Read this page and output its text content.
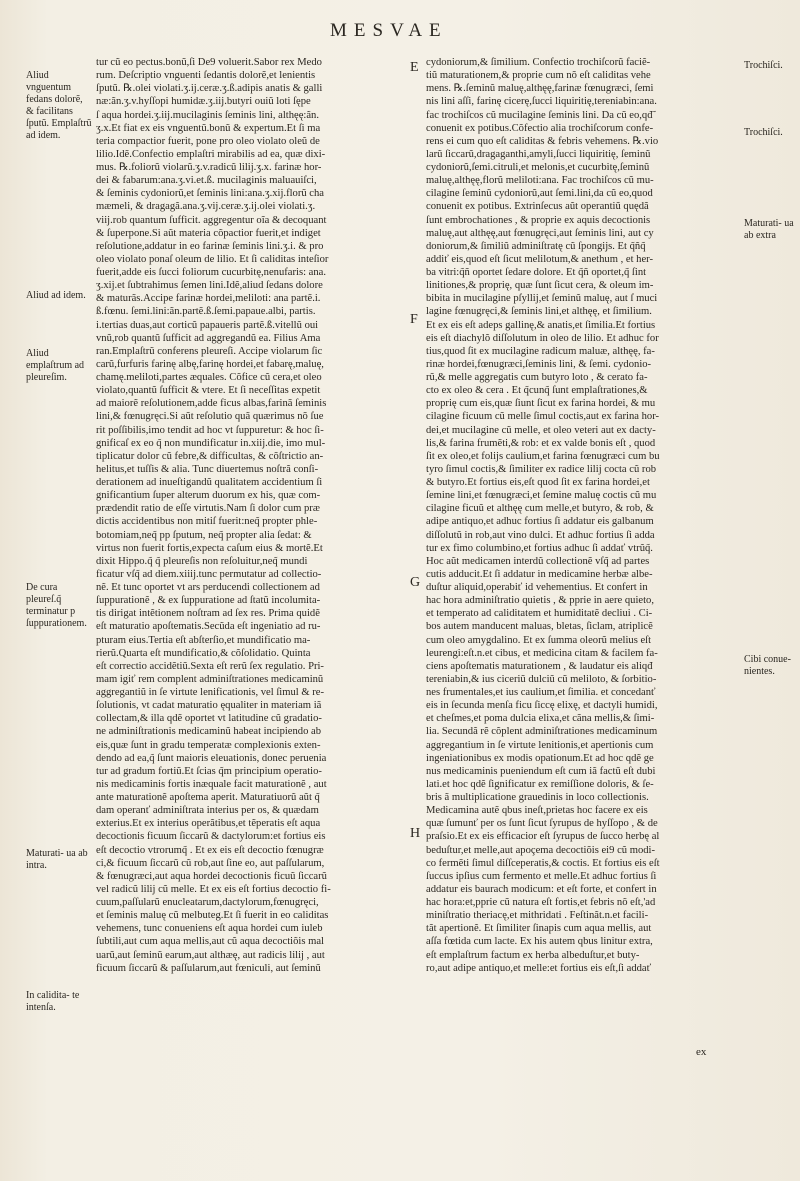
MESVAE

tur cũ eo pectus.bonũ,ſi De9 voluerit.Sabor rex Medo

rum. Deſcriptio vnguenti ſedantis dolorẽ,et lenientis

ſputũ. ℞.olei violati.ʒ.ij.ceræ.ʒ.ß.adipis anatis & galli

næ:ãn.ʒ.v.hyſſopi humidæ.ʒ.iij.butyri ouiũ loti ſępe

ſ aqua hordei.ʒ.iij.mucilaginis ſeminis lini, althęę:ãn.

ʒ.x.Et fiat ex eis vnguentũ.bonũ & expertum.Et ſi ma

teria compactior fuerit, pone pro oleo violato oleũ de

lilio.Idẽ.Confectio emplaſtri mirabilis ad ea, quæ dixi-

mus. ℞.foliorũ violarũ.ʒ.v.radicũ lilij.ʒ.x. farinæ hor-

dei & fabarum:ana.ʒ.vi.et.ß. mucilaginis maluauiſci,

& ſeminis cydoniorũ,et ſeminis lini:ana.ʒ.xij.florũ cha

mæmeli, & dragagã.ana.ʒ.vij.ceræ.ʒ.ij.olei violati.ʒ.

viij.rob quantum ſufficit. aggregentur oĩa & decoquant

& ſuperpone.Si aũt materia cõpactior fuerit,et indiget

reſolutione,addatur in eo farinæ ſeminis lini.ʒ.i. & pro

oleo violato ponaſ oleum de lilio. Et ſi caliditas inteſior

fuerit,adde eis ſucci foliorum cucurbitę,nenufaris: ana.

ʒ.xij.et ſubtrahimus ſemen lini.Idẽ,aliud ſedans dolore

& maturãs.Accipe farinæ hordei,meliloti: ana partẽ.i.

ß.fœnu. ſemi.lini:ãn.partẽ.ß.ſemi.papaue.albi, partis.

i.tertias duas,aut corticũ papaueris partẽ.ß.vitellũ oui

vnũ,rob quantũ ſufficit ad aggregandũ ea. Filius Ama

ran.Emplaſtrũ conferens pleureſi. Accipe violarum ſic

carũ,furfuris farinę albę,farinę hordei,et fabarę,maluę,

chamę.meliloti,partes æquales. Cõfice cũ cera,et oleo

violato,quantũ ſufficit & vtere. Et ſi neceſſitas expetit

ad maiorẽ reſolutionem,adde ficus albas,farinã ſeminis

lini,& fœnugręci.Si aũt reſolutio quã quærimus nõ ſue

rit poſſibilis,imo tendit ad hoc vt ſuppuretur: & hoc ſi-

gnificaſ ex eo q̃ non mundificatur in.xiij.die, imo mul-

tiplicatur dolor cũ febre,& difficultas, & cõſtrictio an-

helitus,et tuſſis & alia. Tunc diuertemus noſtrã conſi-

derationem ad inueſtigandũ qualitatem accidentium ſi

gnificantium ſuper alterum duorum ex his, quæ com-

prædendit ratio de eſſe virtutis.Nam ſi dolor cum præ

dictis accidentibus non mitiſ fuerit:neq̃ propter phle-

botomiam,neq̃ pp ſputum, neq̃ propter alia ſedat: &

virtus non fuerit fortis,expecta caſum eius & mortẽ.Et

dixit Hippo.q̃ q̃ pleureſis non reſoluitur,neq̃ mundi

ficatur vſq̃ ad diem.xiiij.tunc permutatur ad collectio-

nẽ. Et tunc oportet vt ars perducendi collectionem ad

ſuppurationẽ , & ex ſuppuratione ad ſtatũ incolumita-

tis dirigat intẽtionem noſtram ad ſex res. Prima quidẽ

eſt maturatio apoſtematis.Secũda eſt ingeniatio ad ru-

pturam eius.Tertia eſt abſterſio,et mundificatio ma-

rierũ.Quarta eſt mundificatio,& cõſolidatio. Quinta

eſt correctio accidẽtiũ.Sexta eſt rerũ ſex regulatio. Pri-

mam igiť rem complent adminiſtrationes medicaminũ

aggregantiũ in ſe virtute lenificationis, vel ſimul & re-

ſolutionis, vt cadat maturatio ęqualiter in materiam iã

collectam,& illa qdẽ oportet vt latitudine cũ gradatio-

ne adminiſtrationis medicaminũ habeat incipiendo ab

eis,quæ ſunt in gradu temperatæ complexionis exten-

dendo ad ea,q̃ ſunt maioris eleuationis, donec perueniа

tur ad gradum fortiũ.Et ſcias q̃m principium operatio-

nis medicaminis fortis inæquale facit maturationẽ , aut

ante maturationẽ apoſtema aperit. Maturatiuorũ aũt q̃

dam operanť adminiſtrata interius per os, & quædam

exterius.Et ex interius operãtibus,et tẽperatis eſt aqua

decoctionis ficuum ſiccarũ & dactylorum:et fortius eis

eſt decoctio vtrorumq̃ . Et ex eis eſt decoctio fœnugræ

ci,& ficuum ſiccarũ cũ rob,aut ſine eo, aut paſſularum,

& fœnugræci,aut aqua hordei decoctionis ficuũ ſiccarũ

vel radicũ lilij cũ melle. Et ex eis eſt fortius decoctio fi-

cuum,paſſularũ enucleatarum,dactylorum,fœnugręci,

et ſeminis maluę cũ melbuteg.Et ſi fuerit in eo caliditas

vehemens, tunc conueniens eſt aqua hordei cum iuleb

ſubtili,aut cum aqua mellis,aut cũ aqua decoctiõis mal

uarũ,aut ſeminũ earum,aut althæę, aut radicis lilij , aut

ficuum ſiccarũ & paſſularum,aut fœniculi, aut ſeminũ

cydoniorum,& ſimilium. Confectio trochiſcorũ faciẽ-

tiũ maturationem,& proprie cum nõ eſt caliditas vehe

mens. ℞.ſeminũ maluę,althęę,farinæ fœnugræci, ſemi

nis lini aſſi, farinę cicerę,ſucci liquiritię,tereniabin:ana.

fac trochiſcos cũ mucilagine ſeminis lini. Da cũ eo,qđ̃

conuenit ex potibus.Cõfectio alia trochiſcorum confe-

rens ei cum quo eſt caliditas & febris vehemens. ℞.vio

larũ ſiccarũ,dragaganthi,amyli,ſucci liquiritię, ſeminũ

cydoniorũ,ſemi.citruli,et melonis,et cucurbitę,ſeminũ

maluę,althęę,florũ meliloti:ana. Fac trochiſcos cũ mu-

cilagine ſeminũ cydoniorũ,aut ſemi.lini,da cũ eo,quod

conuenit ex potibus. Extrinſecus aũt operantiũ quędã

ſunt embrochationes , & proprie ex aquis decoctionis

maluę,aut althęę,aut fœnugręci,aut ſeminis lini, aut cy

doniorum,& ſimiliũ adminiſtratę cũ ſpongijs. Et q̃ñq̃

addiť eis,quod eſt ſicut melilotum,& anethum , et her-

ba vitri:q̃ñ oportet ſedare dolore. Et q̃ñ oportet,q̃ ſint

linitiones,& proprię, quæ ſunt ſicut cera, & oleum im-

bibita in mucilagine pſyllij,et ſeminũ maluę, aut ſ muci

lagine fœnugręci,& ſeminis lini,et althęę, et ſimilium.

Et ex eis eſt adeps gallinę,& anatis,et ſimilia.Et fortius

eis eſt diachylõ diſſolutum in oleo de lilio. Et adhuc for

tius,quod ſit ex mucilagine radicum maluæ, althęę, fa-

rinæ hordei,fœnugræci,ſeminis lini, & ſemi. cydonio-

rũ,& melle aggregatis cum butyro loto , & cerato fa-

cto ex oleo & cera . Et q̃cunq̃ ſunt emplaſtrationes,&

proprię cum eis,quæ ſiunt ſicut ex farina hordei, & mu

cilagine ficuum cũ melle ſimul coctis,aut ex farina hor-

dei,et mucilagine cũ melle, et oleo veteri aut ex dacty-

lis,& farina frumẽti,& rob: et ex valde bonis eſt , quod

ſit ex oleo,et folijs caulium,et farina fœnugræci cum bu

tyro ſimul coctis,& ſimiliter ex radice lilij cocta cũ rob

& butyro.Et fortius eis,eſt quod ſit ex farina hordei,et

ſemine lini,et fœnugræci,et ſemine maluę coctis cũ mu

cilagine ficuũ et althęę cum melle,et butyro, & rob, &

adipe antiquo,et adhuc fortius ſi addatur eis galbanum

diſſolutũ in rob,aut vino dulci. Et adhuc fortius ſi adda

tur ex fimo columbino,et fortius adhuc ſi addať vtrũq̃.

Hoc aũt medicamen interdũ collectionẽ vſq̃ ad partes

cutis adducit.Et ſi addatur in medicamine herbæ albe-

duſtur aliquid,operabiť id vehementius. Et confert in

hac hora adminiſtratio quietis , & pprie in aere quieto,

et temperato ad caliditatem et humiditatẽ decliui . Ci-

bos autem manducent maluas, bletas, ſiclam, atriplicẽ

cum oleo amygdalino. Et ex ſumma oleorũ melius eſt

leurengi:eſt.n.et cibus, et medicina citam & facilem fa-

ciens apoſtematis maturationem , & laudatur eis aliqđ

tereniabin,& ius ciceriũ dulciũ cũ meliloto, & ſorbitio-

nes frumentales,et ius caulium,et ſimilia. et concedanť

eis in ſecunda menſa ficu ſiccę elixę, et dactyli humidi,

et cheſmes,et poma dulcia elixa,et cãna mellis,& ſimi-

lia. Secundã rẽ cõplent adminiſtrationes medicaminum

aggregantium in ſe virtute lenitionis,et apertionis cum

ingeniationibus ex modis opationum.Et ad hoc qdẽ ge

nus medicaminis pueniendum eſt cum iã factũ eſt dubi

lati.et hoc qdẽ ſignificatur ex remiſſione doloris, & ſe-

bris ã multiplicatione grauedinis in loco collectionis.

Medicamina autẽ qbus ineſt,prietas hoc facere ex eis

quæ ſumunť per os ſunt ſicut ſyrupus de hyſſopo , & de

praſsio.Et ex eis efficacior eſt ſyrupus de ſucco herbę al

beduſtur,et melle,aut apoçema decoctiõis ei9 cũ modi-

co fermẽti ſimul diſſceperatis,& coctis. Et fortius eis eſt

ſuccus ipſius cum fermento et melle.Et adhuc fortius ſi

addatur eis baurach modicum: et eſt forte, et confert in

hac hora:et,pprie cũ natura eſt fortis,et febris nõ eſt,'ad

miniſtratio theriacę,et mithridati . Feſtinãt.n.et facili-

tãt apertionẽ. Et ſimiliter ſinapis cum aqua mellis, aut

aſſa fœtida cum lacte. Ex his autem qbus linitur extra,

eſt emplaſtrum factum ex herba albeduſtur,et buty-

ro,aut adipe antiquo,et melle:et fortius eis eſt,ſi addať

E
F
G
H
Aliud vnguentum fedans dolorẽ, & facilitans ſputũ. Emplaſtrũ ad idem.
Aliud ad idem.
Aliud emplaſtrum ad pleureſim.
De cura pleureſ.q̃ terminatur p ſuppurationem.
Maturati- ua ab intra.
In calidita- te intenſa.
Trochiſci.
Trochiſci.
Maturati- ua ab extra
Cibi conue- nientes.
ex
